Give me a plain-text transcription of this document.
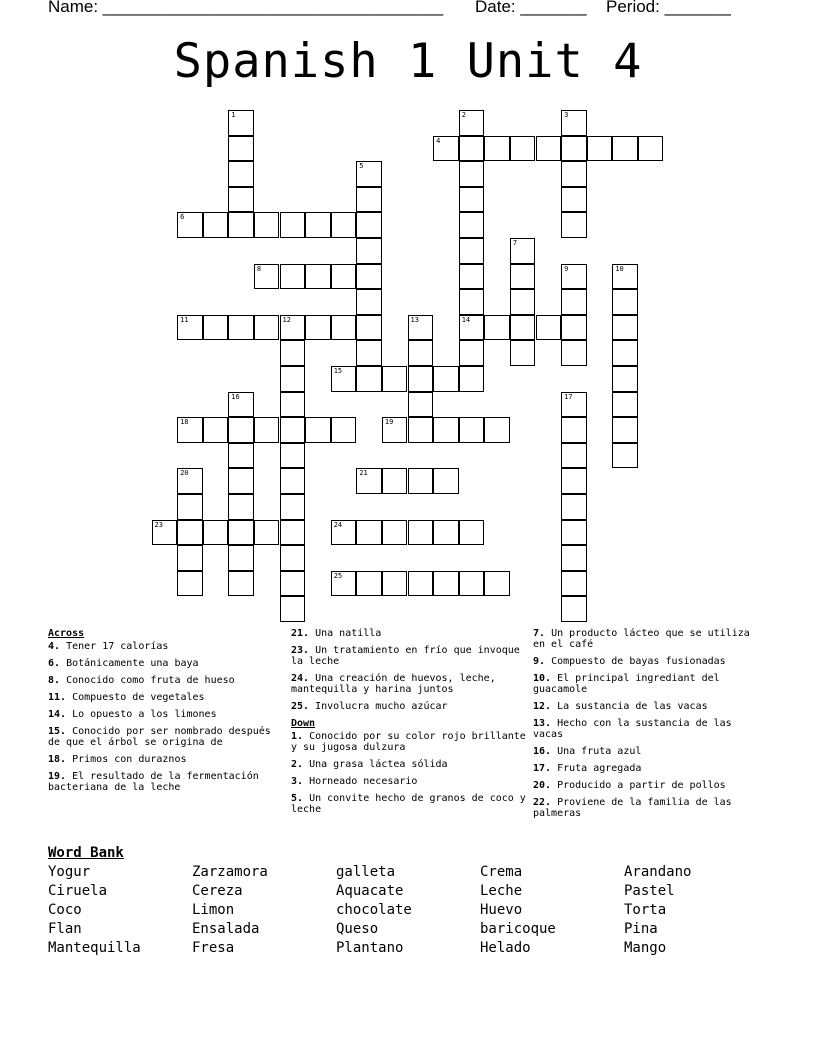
Name: ____________________________________ Date: _______ Period: _______
Spanish 1 Unit 4
1	2
14
3
4
5
6
7
8	9	10
11	12	13
15
16	17
18	19
20	21
23	24
25
Across
4. Tener 17 calorías
6. Botánicamente una baya
8. Conocido como fruta de hueso
11. Compuesto de vegetales
14. Lo opuesto a los limones
15. Conocido por ser nombrado después de que el árbol se origina de
18. Primos con duraznos
19. El resultado de la fermentación bacteriana de la leche
21. Una natilla
23. Un tratamiento en frío que invoque la leche
24. Una creación de huevos, leche, mantequilla y harina juntos
25. Involucra mucho azúcar
Down
1. Conocido por su color rojo brillante y su jugosa dulzura
2. Una grasa láctea sólida
3. Horneado necesario
5. Un convite hecho de granos de coco y leche
7. Un producto lácteo que se utiliza en el café
9. Compuesto de bayas fusionadas
10. El principal ingrediant del guacamole
12. La sustancia de las vacas
13. Hecho con la sustancia de las vacas
16. Una fruta azul
17. Fruta agregada
20. Producido a partir de pollos
22. Proviene de la familia de las palmeras
Word Bank
Yogur	Zarzamora	galleta	Crema	Arandano
Ciruela	Cereza	Aquacate	Leche	Pastel
Coco	Limon	chocolate	Huevo	Torta
Flan	Ensalada	Queso	baricoque	Pina
Mantequilla	Fresa	Plantano	Helado	Mango
